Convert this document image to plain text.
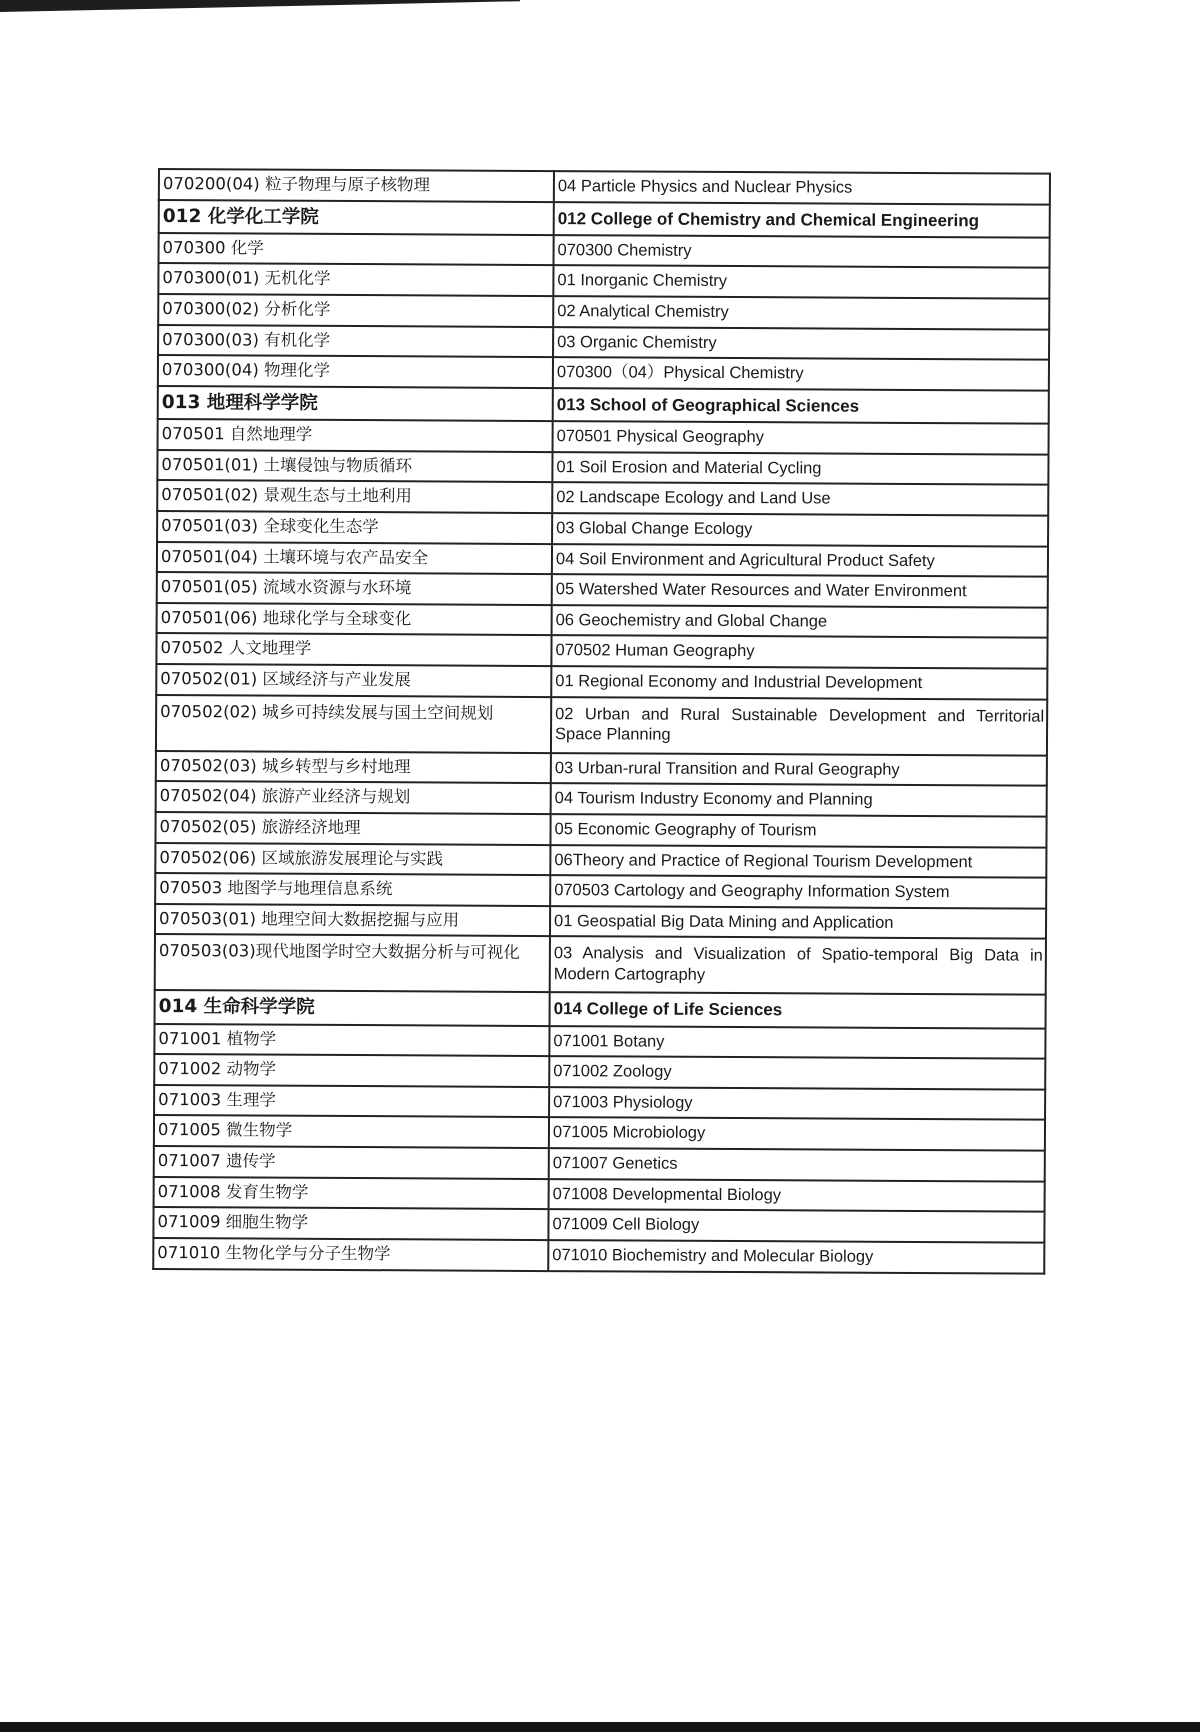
070200(04) 粒子物理与原子核物理	04 Particle Physics and Nuclear Physics
012 化学化工学院	012 College of Chemistry and Chemical Engineering
070300 化学	070300 Chemistry
070300(01) 无机化学	01 Inorganic Chemistry
070300(02) 分析化学	02 Analytical Chemistry
070300(03) 有机化学	03 Organic Chemistry
070300(04) 物理化学	070300（04）Physical Chemistry
013 地理科学学院	013 School of Geographical Sciences
070501 自然地理学	070501 Physical Geography
070501(01) 土壤侵蚀与物质循环	01 Soil Erosion and Material Cycling
070501(02) 景观生态与土地利用	02 Landscape Ecology and Land Use
070501(03) 全球变化生态学	03 Global Change Ecology
070501(04) 土壤环境与农产品安全	04 Soil Environment and Agricultural Product Safety
070501(05) 流域水资源与水环境	05 Watershed Water Resources and Water Environment
070501(06) 地球化学与全球变化	06 Geochemistry and Global Change
070502 人文地理学	070502 Human Geography
070502(01) 区域经济与产业发展	01 Regional Economy and Industrial Development
070502(02) 城乡可持续发展与国土空间规划	02 Urban and Rural Sustainable Development and Territorial Space Planning
070502(03) 城乡转型与乡村地理	03 Urban-rural Transition and Rural Geography
070502(04) 旅游产业经济与规划	04 Tourism Industry Economy and Planning
070502(05) 旅游经济地理	05 Economic Geography of Tourism
070502(06) 区域旅游发展理论与实践	06Theory and Practice of Regional Tourism Development
070503 地图学与地理信息系统	070503 Cartology and Geography Information System
070503(01) 地理空间大数据挖掘与应用	01 Geospatial Big Data Mining and Application
070503(03)现代地图学时空大数据分析与可视化	03 Analysis and Visualization of Spatio-temporal Big Data in Modern Cartography
014 生命科学学院	014 College of Life Sciences
071001 植物学	071001 Botany
071002 动物学	071002 Zoology
071003 生理学	071003 Physiology
071005 微生物学	071005 Microbiology
071007 遗传学	071007 Genetics
071008 发育生物学	071008 Developmental Biology
071009 细胞生物学	071009 Cell Biology
071010 生物化学与分子生物学	071010 Biochemistry and Molecular Biology
